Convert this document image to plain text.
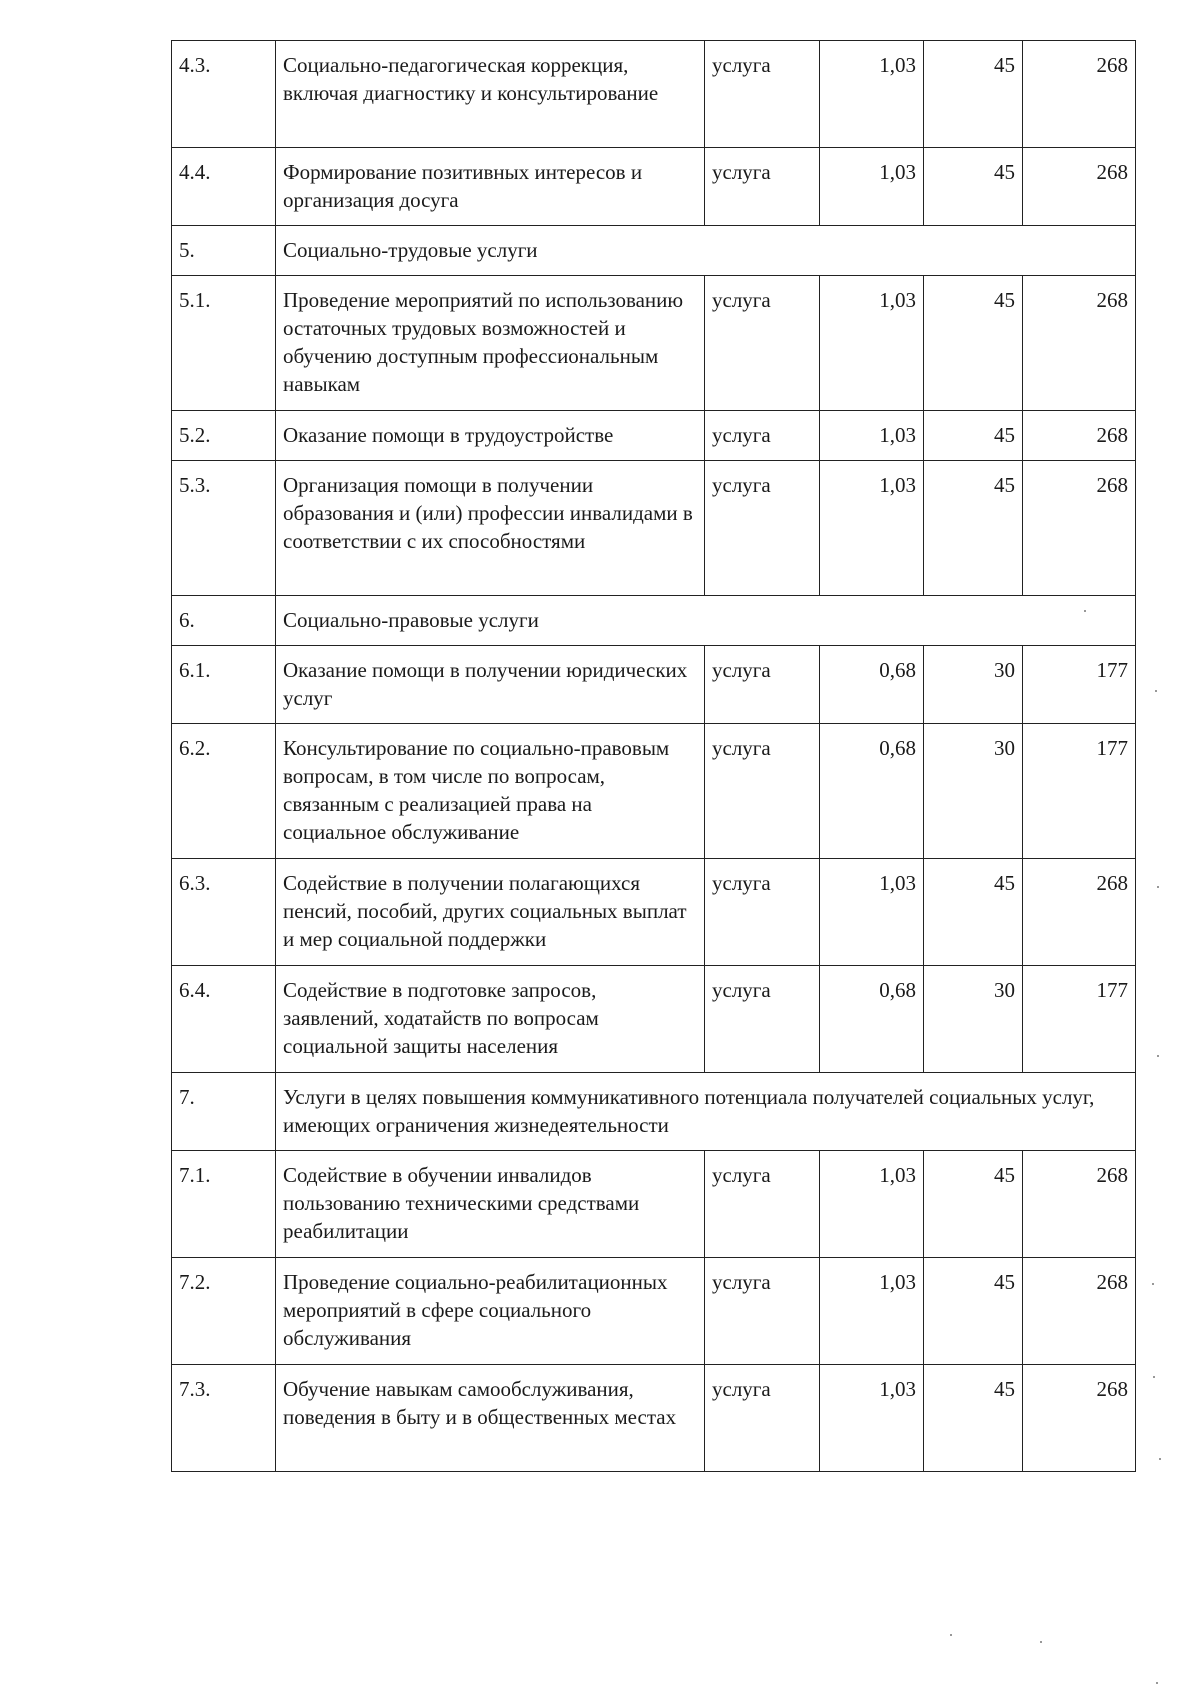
4.3.	Социально-педагогическая коррекция, включая диагностику и консультирование	услуга	1,03	45	268
4.4.	Формирование позитивных интересов и организация досуга	услуга	1,03	45	268
5.	Социально-трудовые услуги				
5.1.	Проведение мероприятий по использованию остаточных трудовых возможностей и обучению доступным профессиональным навыкам	услуга	1,03	45	268
5.2.	Оказание помощи в трудоустройстве	услуга	1,03	45	268
5.3.	Организация помощи в получении образования и (или) профессии инвалидами в соответствии с их способностями	услуга	1,03	45	268
6.	Социально-правовые услуги				
6.1.	Оказание помощи в получении юридических услуг	услуга	0,68	30	177
6.2.	Консультирование по социально-правовым вопросам, в том числе по вопросам, связанным с реализацией права на социальное обслуживание	услуга	0,68	30	177
6.3.	Содействие в получении полагающихся пенсий, пособий, других социальных выплат и мер социальной поддержки	услуга	1,03	45	268
6.4.	Содействие в подготовке запросов, заявлений, ходатайств по вопросам социальной защиты населения	услуга	0,68	30	177
7.	Услуги в целях повышения коммуникативного потенциала получателей социальных услуг, имеющих ограничения жизнедеятельности				
7.1.	Содействие в обучении инвалидов пользованию техническими средствами реабилитации	услуга	1,03	45	268
7.2.	Проведение социально-реабилитационных мероприятий в сфере социального обслуживания	услуга	1,03	45	268
7.3.	Обучение навыкам самообслуживания, поведения в быту и в общественных местах	услуга	1,03	45	268
